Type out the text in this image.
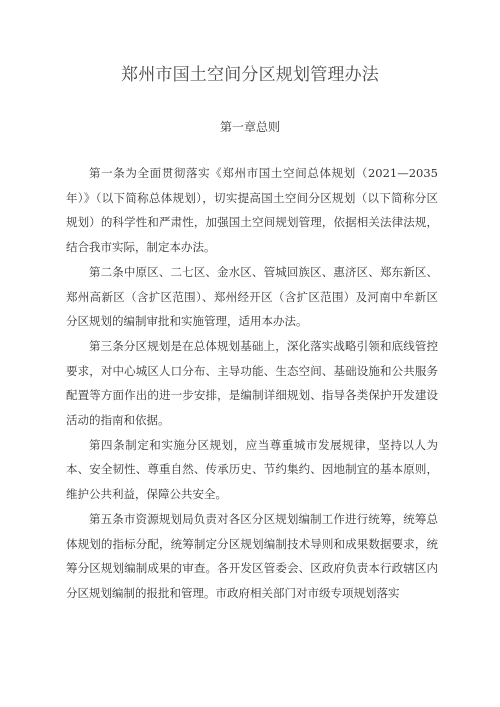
郑州市国土空间分区规划管理办法
第一章总则

第一条为全面贯彻落实《郑州市国土空间总体规划（2021—2035年）》（以下简称总体规划），切实提高国土空间分区规划（以下简称分区规划）的科学性和严肃性，加强国土空间规划管理，依据相关法律法规，结合我市实际，制定本办法。

第二条中原区、二七区、金水区、管城回族区、惠济区、郑东新区、郑州高新区（含扩区范围）、郑州经开区（含扩区范围）及河南中牟新区分区规划的编制审批和实施管理，适用本办法。

第三条分区规划是在总体规划基础上，深化落实战略引领和底线管控要求，对中心城区人口分布、主导功能、生态空间、基础设施和公共服务配置等方面作出的进一步安排，是编制详细规划、指导各类保护开发建设活动的指南和依据。

第四条制定和实施分区规划，应当尊重城市发展规律，坚持以人为本、安全韧性、尊重自然、传承历史、节约集约、因地制宜的基本原则，维护公共利益，保障公共安全。

第五条市资源规划局负责对各区分区规划编制工作进行统筹，统筹总体规划的指标分配，统筹制定分区规划编制技术导则和成果数据要求，统筹分区规划编制成果的审查。各开发区管委会、区政府负责本行政辖区内分区规划编制的报批和管理。市政府相关部门对市级专项规划落实
